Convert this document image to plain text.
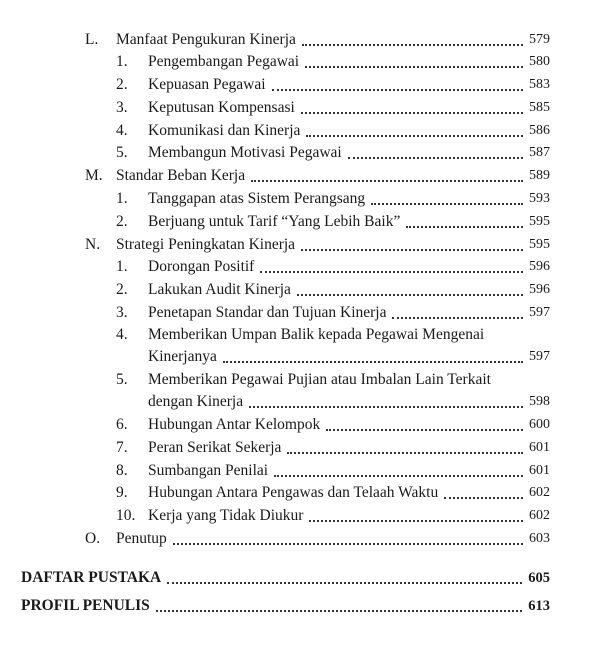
L. Manfaat Pengukuran Kinerja	579
1. Pengembangan Pegawai	580
2. Kepuasan Pegawai	583
3. Keputusan Kompensasi	585
4. Komunikasi dan Kinerja	586
5. Membangun Motivasi Pegawai	587
M. Standar Beban Kerja	589
1. Tanggapan atas Sistem Perangsang	593
2. Berjuang untuk Tarif “Yang Lebih Baik”	595
N. Strategi Peningkatan Kinerja	595
1. Dorongan Positif	596
2. Lakukan Audit Kinerja	596
3. Penetapan Standar dan Tujuan Kinerja	597
4. Memberikan Umpan Balik kepada Pegawai Mengenai
Kinerjanya	597
5. Memberikan Pegawai Pujian atau Imbalan Lain Terkait
dengan Kinerja	598
6. Hubungan Antar Kelompok	600
7. Peran Serikat Sekerja	601
8. Sumbangan Penilai	601
9. Hubungan Antara Pengawas dan Telaah Waktu	602
10. Kerja yang Tidak Diukur	602
O. Penutup	603
DAFTAR PUSTAKA	605
PROFIL PENULIS	613
